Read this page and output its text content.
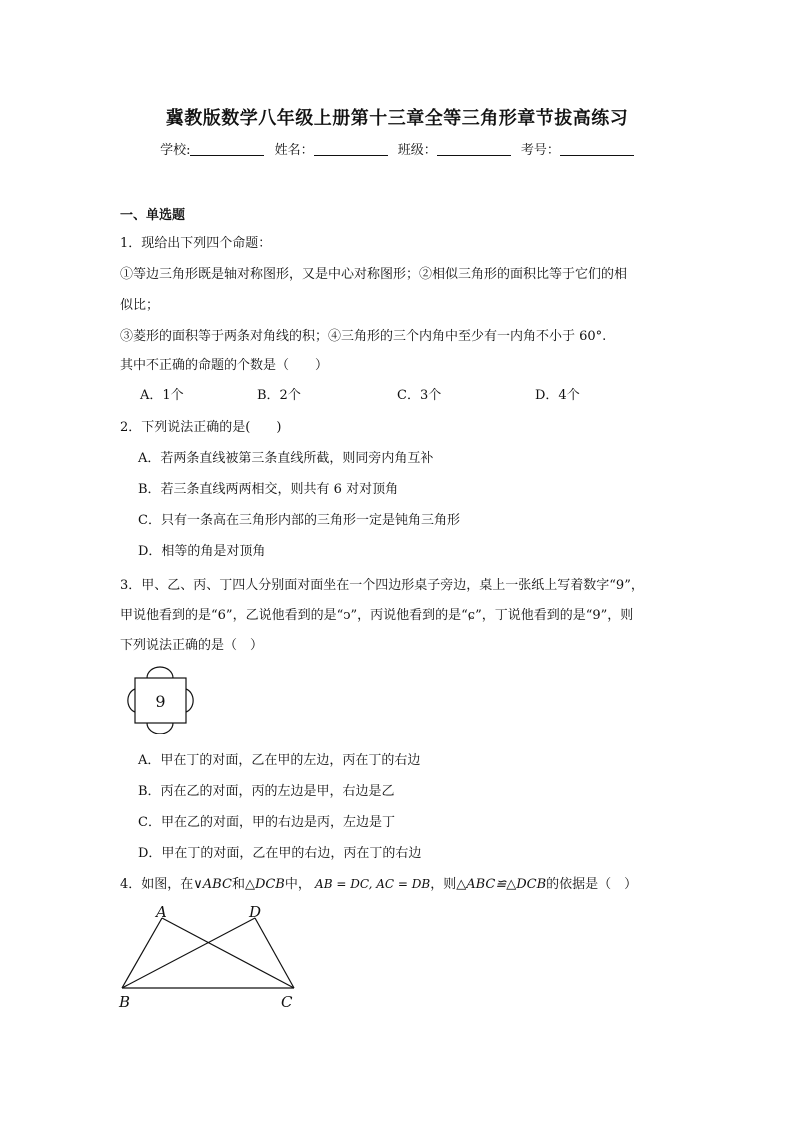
冀教版数学八年级上册第十三章全等三角形章节拔高练习
学校:	姓名：	班级：	考号：
一、单选题
1．现给出下列四个命题：
①等边三角形既是轴对称图形，又是中心对称图形；②相似三角形的面积比等于它们的相
似比；
③菱形的面积等于两条对角线的积；④三角形的三个内角中至少有一内角不小于 60°.
其中不正确的命题的个数是（　　）
A．1个	B．2个	C．3个	D．4个
2．下列说法正确的是(　　)
A．若两条直线被第三条直线所截，则同旁内角互补
B．若三条直线两两相交，则共有 6 对对顶角
C．只有一条高在三角形内部的三角形一定是钝角三角形
D．相等的角是对顶角
3．甲、乙、丙、丁四人分别面对面坐在一个四边形桌子旁边，桌上一张纸上写着数字“9”，
甲说他看到的是“6”，乙说他看到的是“ↄ”，丙说他看到的是“ɕ”，丁说他看到的是“9”，则
下列说法正确的是（　）
9
A．甲在丁的对面，乙在甲的左边，丙在丁的右边
B．丙在乙的对面，丙的左边是甲，右边是乙
C．甲在乙的对面，甲的右边是丙，左边是丁
D．甲在丁的对面，乙在甲的右边，丙在丁的右边
4．如图，在∨ABC和△DCB中， AB = DC, AC = DB，则△ABC≌△DCB的依据是（　）
A	D
B	C
